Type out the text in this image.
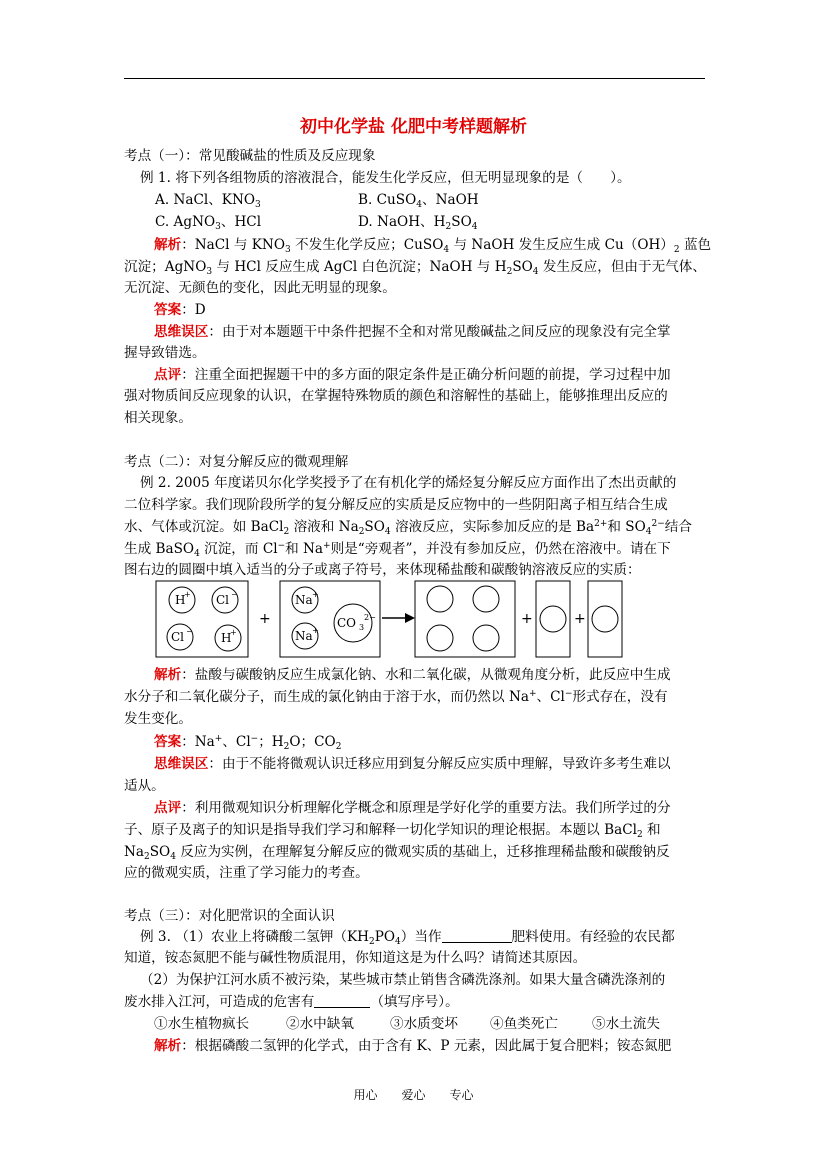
初中化学盐 化肥中考样题解析
考点（一）：常见酸碱盐的性质及反应现象
例 1. 将下列各组物质的溶液混合，能发生化学反应，但无明显现象的是（　　）。
A. NaCl、$KNO_3$	B. CuSO$_4$、NaOH
C. AgNO$_3$、HCl	D. NaOH、$H_2SO_4$
解析：NaCl 与 $KNO_3$ 不发生化学反应；CuSO$_4$ 与 NaOH 发生反应生成 $Cu(OH)_2$ 蓝色
沉淀；AgNO$_3$ 与 HCl 反应生成 AgCl 白色沉淀；NaOH 与 $H_2SO_4$ 发生反应，但由于无气体、
无沉淀、无颜色的变化，因此无明显的现象。
答案：D
思维误区：由于对本题题干中条件把握不全和对常见酸碱盐之间反应的现象没有完全掌
握导致错选。
点评：注重全面把握题干中的多方面的限定条件是正确分析问题的前提，学习过程中加
强对物质间反应现象的认识，在掌握特殊物质的颜色和溶解性的基础上，能够推理出反应的
相关现象。
考点（二）：对复分解反应的微观理解
例 2. 2005 年度诺贝尔化学奖授予了在有机化学的烯烃复分解反应方面作出了杰出贡献的
二位科学家。我们现阶段所学的复分解反应的实质是反应物中的一些阴阳离子相互结合生成
水、气体或沉淀。如 BaCl$_2$ 溶液和 $Na_2SO_4$ 溶液反应，实际参加反应的是 $Ba^{2+}$和 $SO_4^{2-}$结合
生成 BaSO$_4$ 沉淀，而 Cl−和 Na+则是“旁观者”，并没有参加反应，仍然在溶液中。请在下
图右边的圆圈中填入适当的分子或离子符号，来体现稀盐酸和碳酸钠溶液反应的实质：
H
+ Cl −
Cl − H
+
Na +
CO 3
2−
Na +
+	+	+
解析：盐酸与碳酸钠反应生成氯化钠、水和二氧化碳，从微观角度分析，此反应中生成
水分子和二氧化碳分子，而生成的氯化钠由于溶于水，而仍然以 Na+、Cl−形式存在，没有
发生变化。
答案：Na+、Cl−；$H_2O$；$CO_2$
思维误区：由于不能将微观认识迁移应用到复分解反应实质中理解，导致许多考生难以
适从。
点评：利用微观知识分析理解化学概念和原理是学好化学的重要方法。我们所学过的分
子、原子及离子的知识是指导我们学习和解释一切化学知识的理论根据。本题以 BaCl$_2$ 和
$Na_2SO_4$ 反应为实例，在理解复分解反应的微观实质的基础上，迁移推理稀盐酸和碳酸钠反
应的微观实质，注重了学习能力的考查。
考点（三）：对化肥常识的全面认识
例 3. （1）农业上将磷酸二氢钾$(KH_2PO_4)$当作	肥料使用。有经验的农民都
知道，铵态氮肥不能与碱性物质混用，你知道这是为什么吗？请简述其原因。
（2）为保护江河水质不被污染，某些城市禁止销售含磷洗涤剂。如果大量含磷洗涤剂的
废水排入江河，可造成的危害有	（填写序号）。
①水生植物疯长	②水中缺氧	③水质变坏 ④鱼类死亡	⑤水土流失
解析：根据磷酸二氢钾的化学式，由于含有 K、P 元素，因此属于复合肥料；铵态氮肥
用心 爱心 专心
